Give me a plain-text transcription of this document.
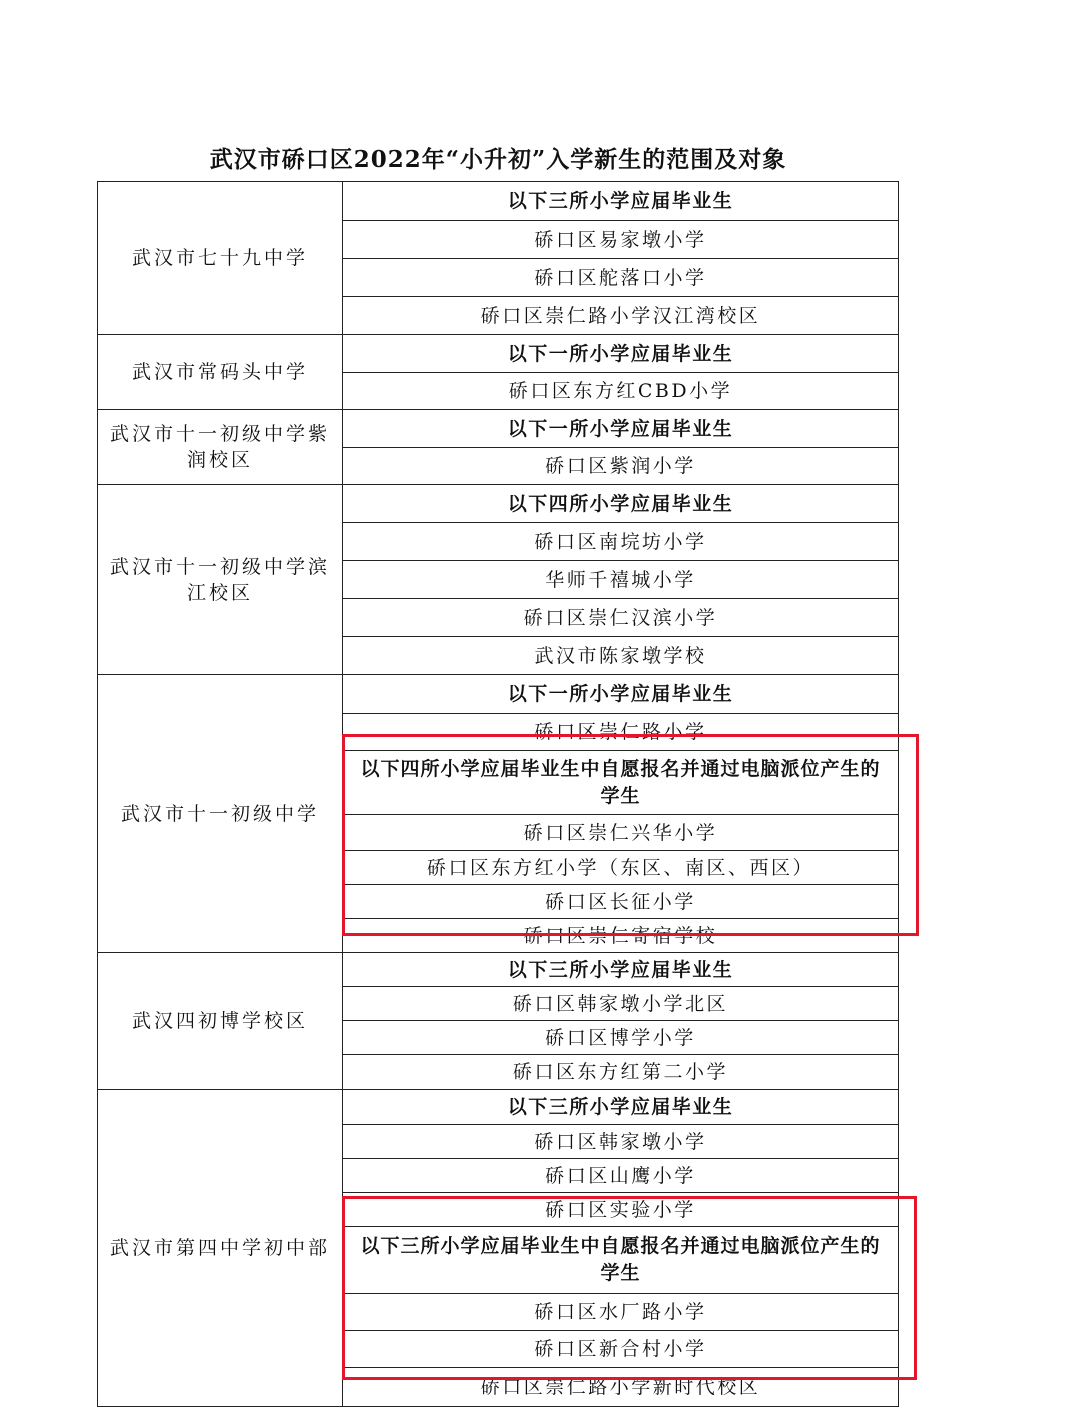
武汉市硚口区2022年“小升初”入学新生的范围及对象
武汉市七十九中学	以下三所小学应届毕业生
	硚口区易家墩小学
	硚口区舵落口小学
	硚口区崇仁路小学汉江湾校区
武汉市常码头中学	以下一所小学应届毕业生
	硚口区东方红CBD小学
武汉市十一初级中学紫润校区	以下一所小学应届毕业生
	硚口区紫润小学
武汉市十一初级中学滨江校区	以下四所小学应届毕业生
	硚口区南垸坊小学
	华师千禧城小学
	硚口区崇仁汉滨小学
	武汉市陈家墩学校
武汉市十一初级中学	以下一所小学应届毕业生
	硚口区崇仁路小学
	以下四所小学应届毕业生中自愿报名并通过电脑派位产生的学生
	硚口区崇仁兴华小学
	硚口区东方红小学（东区、南区、西区）
	硚口区长征小学
	硚口区崇仁寄宿学校
武汉四初博学校区	以下三所小学应届毕业生
	硚口区韩家墩小学北区
	硚口区博学小学
	硚口区东方红第二小学
武汉市第四中学初中部	以下三所小学应届毕业生
	硚口区韩家墩小学
	硚口区山鹰小学
	硚口区实验小学
	以下三所小学应届毕业生中自愿报名并通过电脑派位产生的学生
	硚口区水厂路小学
	硚口区新合村小学
	硚口区崇仁路小学新时代校区
